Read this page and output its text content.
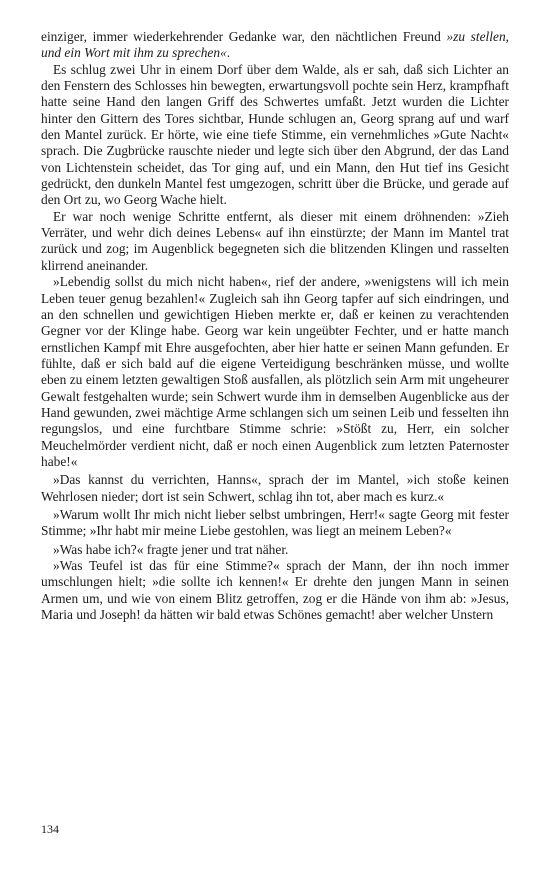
einziger, immer wiederkehrender Gedanke war, den nächtlichen Freund »zu stellen, und ein Wort mit ihm zu sprechen«.

Es schlug zwei Uhr in einem Dorf über dem Walde, als er sah, daß sich Lichter an den Fenstern des Schlosses hin bewegten, erwartungsvoll pochte sein Herz, krampfhaft hatte seine Hand den langen Griff des Schwertes umfaßt. Jetzt wurden die Lichter hinter den Gittern des Tores sichtbar, Hunde schlugen an, Georg sprang auf und warf den Mantel zurück. Er hörte, wie eine tiefe Stimme, ein vernehmliches »Gute Nacht« sprach. Die Zugbrücke rauschte nieder und legte sich über den Abgrund, der das Land von Lichtenstein scheidet, das Tor ging auf, und ein Mann, den Hut tief ins Gesicht gedrückt, den dunkeln Mantel fest umgezogen, schritt über die Brücke, und gerade auf den Ort zu, wo Georg Wache hielt.

Er war noch wenige Schritte entfernt, als dieser mit einem dröhnenden: »Zieh Verräter, und wehr dich deines Lebens« auf ihn einstürzte; der Mann im Mantel trat zurück und zog; im Augenblick begegneten sich die blitzenden Klingen und rasselten klirrend aneinander.

»Lebendig sollst du mich nicht haben«, rief der andere, »wenigstens will ich mein Leben teuer genug bezahlen!« Zugleich sah ihn Georg tapfer auf sich eindringen, und an den schnellen und gewichtigen Hieben merkte er, daß er keinen zu verachtenden Gegner vor der Klinge habe. Georg war kein ungeübter Fechter, und er hatte manch ernstlichen Kampf mit Ehre ausgefochten, aber hier hatte er seinen Mann gefunden. Er fühlte, daß er sich bald auf die eigene Verteidigung beschränken müsse, und wollte eben zu einem letzten gewaltigen Stoß ausfallen, als plötzlich sein Arm mit ungeheurer Gewalt festgehalten wurde; sein Schwert wurde ihm in demselben Augenblicke aus der Hand gewunden, zwei mächtige Arme schlangen sich um seinen Leib und fesselten ihn regungslos, und eine furchtbare Stimme schrie: »Stößt zu, Herr, ein solcher Meuchelmörder verdient nicht, daß er noch einen Augenblick zum letzten Paternoster habe!«

»Das kannst du verrichten, Hanns«, sprach der im Mantel, »ich stoße keinen Wehrlosen nieder; dort ist sein Schwert, schlag ihn tot, aber mach es kurz.«

»Warum wollt Ihr mich nicht lieber selbst umbringen, Herr!« sagte Georg mit fester Stimme; »Ihr habt mir meine Liebe gestohlen, was liegt an meinem Leben?«

»Was habe ich?« fragte jener und trat näher.

»Was Teufel ist das für eine Stimme?« sprach der Mann, der ihn noch immer umschlungen hielt; »die sollte ich kennen!« Er drehte den jungen Mann in seinen Armen um, und wie von einem Blitz getroffen, zog er die Hände von ihm ab: »Jesus, Maria und Joseph! da hätten wir bald etwas Schönes gemacht! aber welcher Unstern

134
